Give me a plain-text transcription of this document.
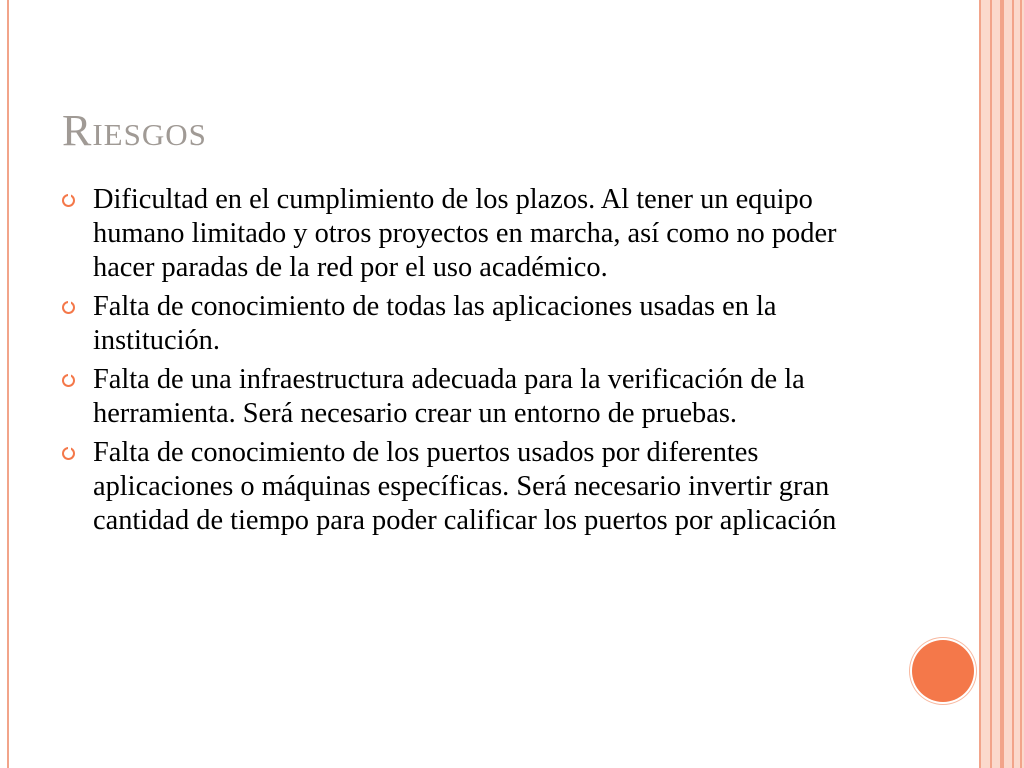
Riesgos
Dificultad en el cumplimiento de los plazos. Al tener un equipo humano limitado y otros proyectos en marcha, así como no poder hacer paradas de la red por el uso académico.
Falta de conocimiento de todas las aplicaciones usadas en la institución.
Falta de una infraestructura adecuada para la verificación de la herramienta. Será necesario crear un entorno de pruebas.
Falta de conocimiento de los puertos usados por diferentes aplicaciones o máquinas específicas. Será necesario invertir gran cantidad de tiempo para poder calificar los puertos por aplicación
